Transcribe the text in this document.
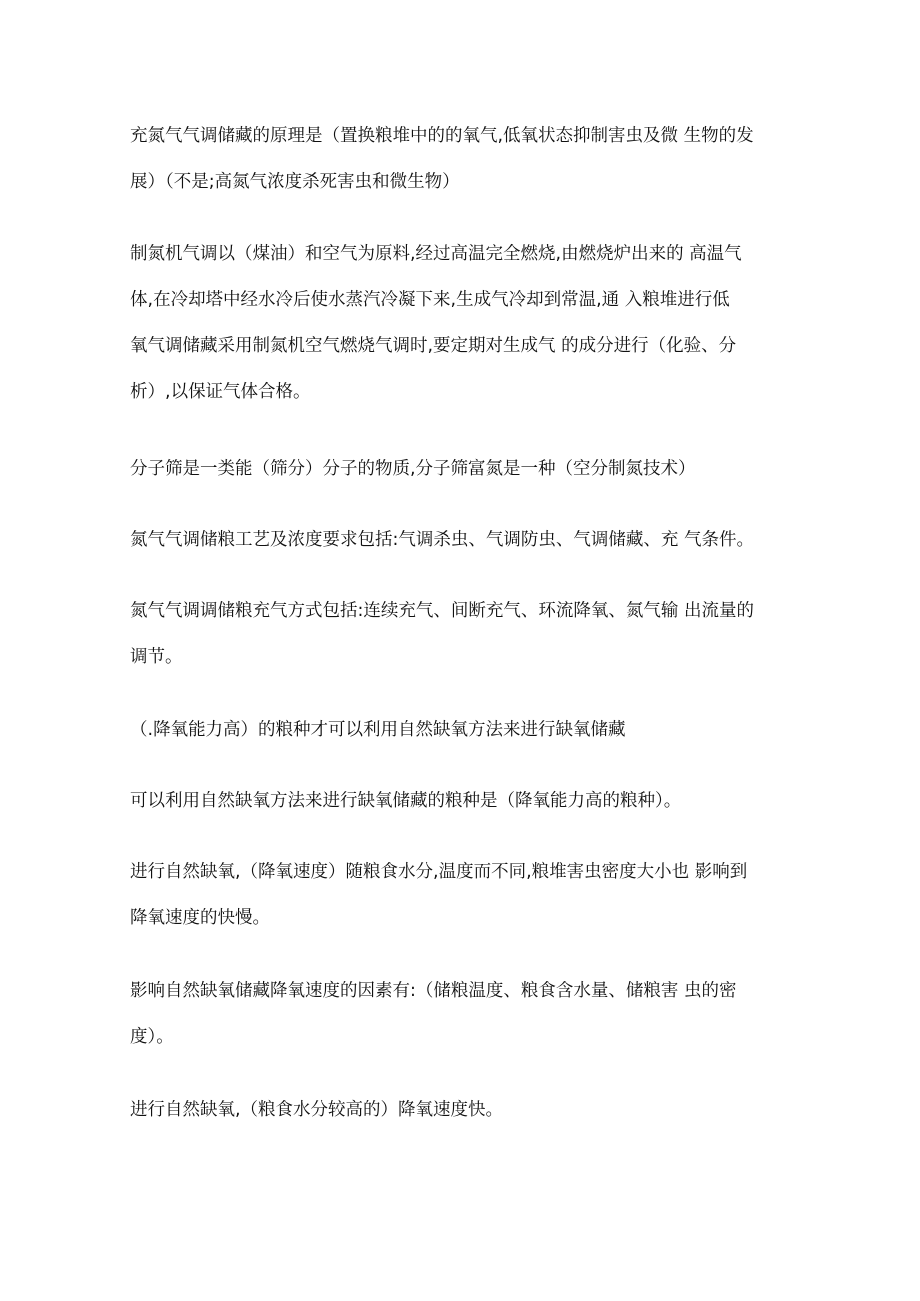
充氮气气调储藏的原理是（置换粮堆中的的氧气,低氧状态抑制害虫及微 生物的发
展）（不是;高氮气浓度杀死害虫和微生物）
制氮机气调以（煤油）和空气为原料,经过高温完全燃烧,由燃烧炉出来的 高温气
体,在冷却塔中经水冷后使水蒸汽冷凝下来,生成气冷却到常温,通 入粮堆进行低
氧气调储藏采用制氮机空气燃烧气调时,要定期对生成气 的成分进行（化验、分
析）,以保证气体合格。
分子筛是一类能（筛分）分子的物质,分子筛富氮是一种（空分制氮技术）
氮气气调储粮工艺及浓度要求包括:气调杀虫、气调防虫、气调储藏、充 气条件。
氮气气调调储粮充气方式包括:连续充气、间断充气、环流降氧、氮气输 出流量的
调节。
（.降氧能力高）的粮种才可以利用自然缺氧方法来进行缺氧储藏
可以利用自然缺氧方法来进行缺氧储藏的粮种是（降氧能力高的粮种）。
进行自然缺氧,（降氧速度）随粮食水分,温度而不同,粮堆害虫密度大小也 影响到
降氧速度的快慢。
影响自然缺氧储藏降氧速度的因素有:（储粮温度、粮食含水量、储粮害 虫的密
度）。
进行自然缺氧,（粮食水分较高的）降氧速度快。
